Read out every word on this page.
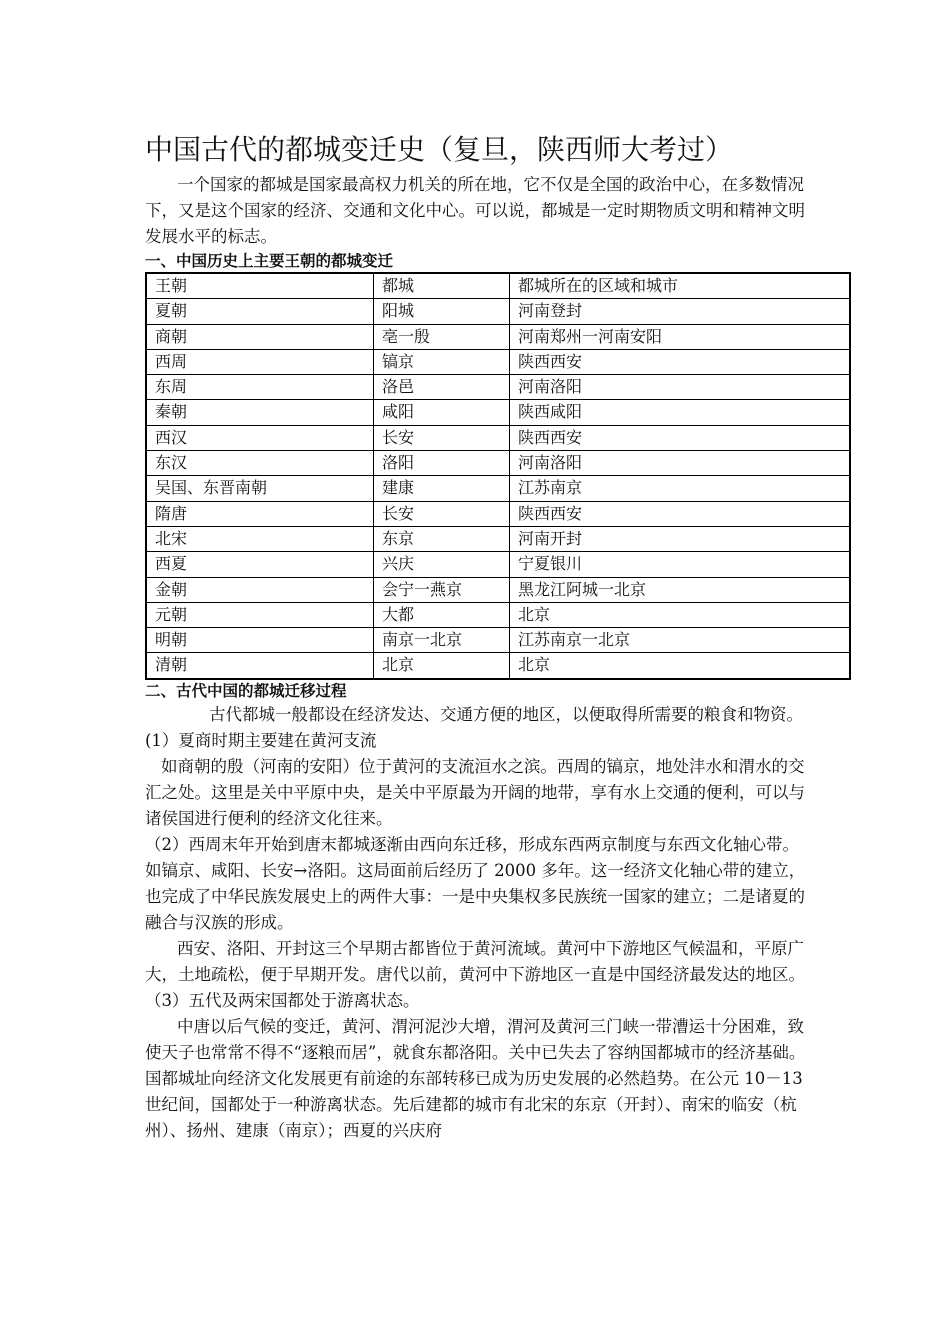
中国古代的都城变迁史（复旦，陕西师大考过）

一个国家的都城是国家最高权力机关的所在地，它不仅是全国的政治中心，在多数情况下，又是这个国家的经济、交通和文化中心。可以说，都城是一定时期物质文明和精神文明发展水平的标志。

一、中国历史上主要王朝的都城变迁
王朝	都城	都城所在的区域和城市
夏朝	阳城	河南登封
商朝	亳一殷	河南郑州一河南安阳
西周	镐京	陕西西安
东周	洛邑	河南洛阳
秦朝	咸阳	陕西咸阳
西汉	长安	陕西西安
东汉	洛阳	河南洛阳
吴国、东晋南朝	建康	江苏南京
隋唐	长安	陕西西安
北宋	东京	河南开封
西夏	兴庆	宁夏银川
金朝	会宁一燕京	黑龙江阿城一北京
元朝	大都	北京
明朝	南京一北京	江苏南京一北京
清朝	北京	北京
二、古代中国的都城迁移过程

古代都城一般都设在经济发达、交通方便的地区，以便取得所需要的粮食和物资。

(1）夏商时期主要建在黄河支流

如商朝的殷（河南的安阳）位于黄河的支流洹水之滨。西周的镐京，地处沣水和渭水的交汇之处。这里是关中平原中央，是关中平原最为开阔的地带，享有水上交通的便利，可以与诸侯国进行便利的经济文化往来。

（2）西周末年开始到唐末都城逐渐由西向东迁移，形成东西两京制度与东西文化轴心带。如镐京、咸阳、长安→洛阳。这局面前后经历了 2000 多年。这一经济文化轴心带的建立，也完成了中华民族发展史上的两件大事：一是中央集权多民族统一国家的建立；二是诸夏的融合与汉族的形成。

西安、洛阳、开封这三个早期古都皆位于黄河流域。黄河中下游地区气候温和，平原广大，土地疏松，便于早期开发。唐代以前，黄河中下游地区一直是中国经济最发达的地区。

（3）五代及两宋国都处于游离状态。

中唐以后气候的变迁，黄河、渭河泥沙大增，渭河及黄河三门峡一带漕运十分困难，致使天子也常常不得不“逐粮而居”，就食东都洛阳。关中已失去了容纳国都城市的经济基础。国都城址向经济文化发展更有前途的东部转移已成为历史发展的必然趋势。在公元 10－13 世纪间，国都处于一种游离状态。先后建都的城市有北宋的东京（开封）、南宋的临安（杭州）、扬州、建康（南京）；西夏的兴庆府
